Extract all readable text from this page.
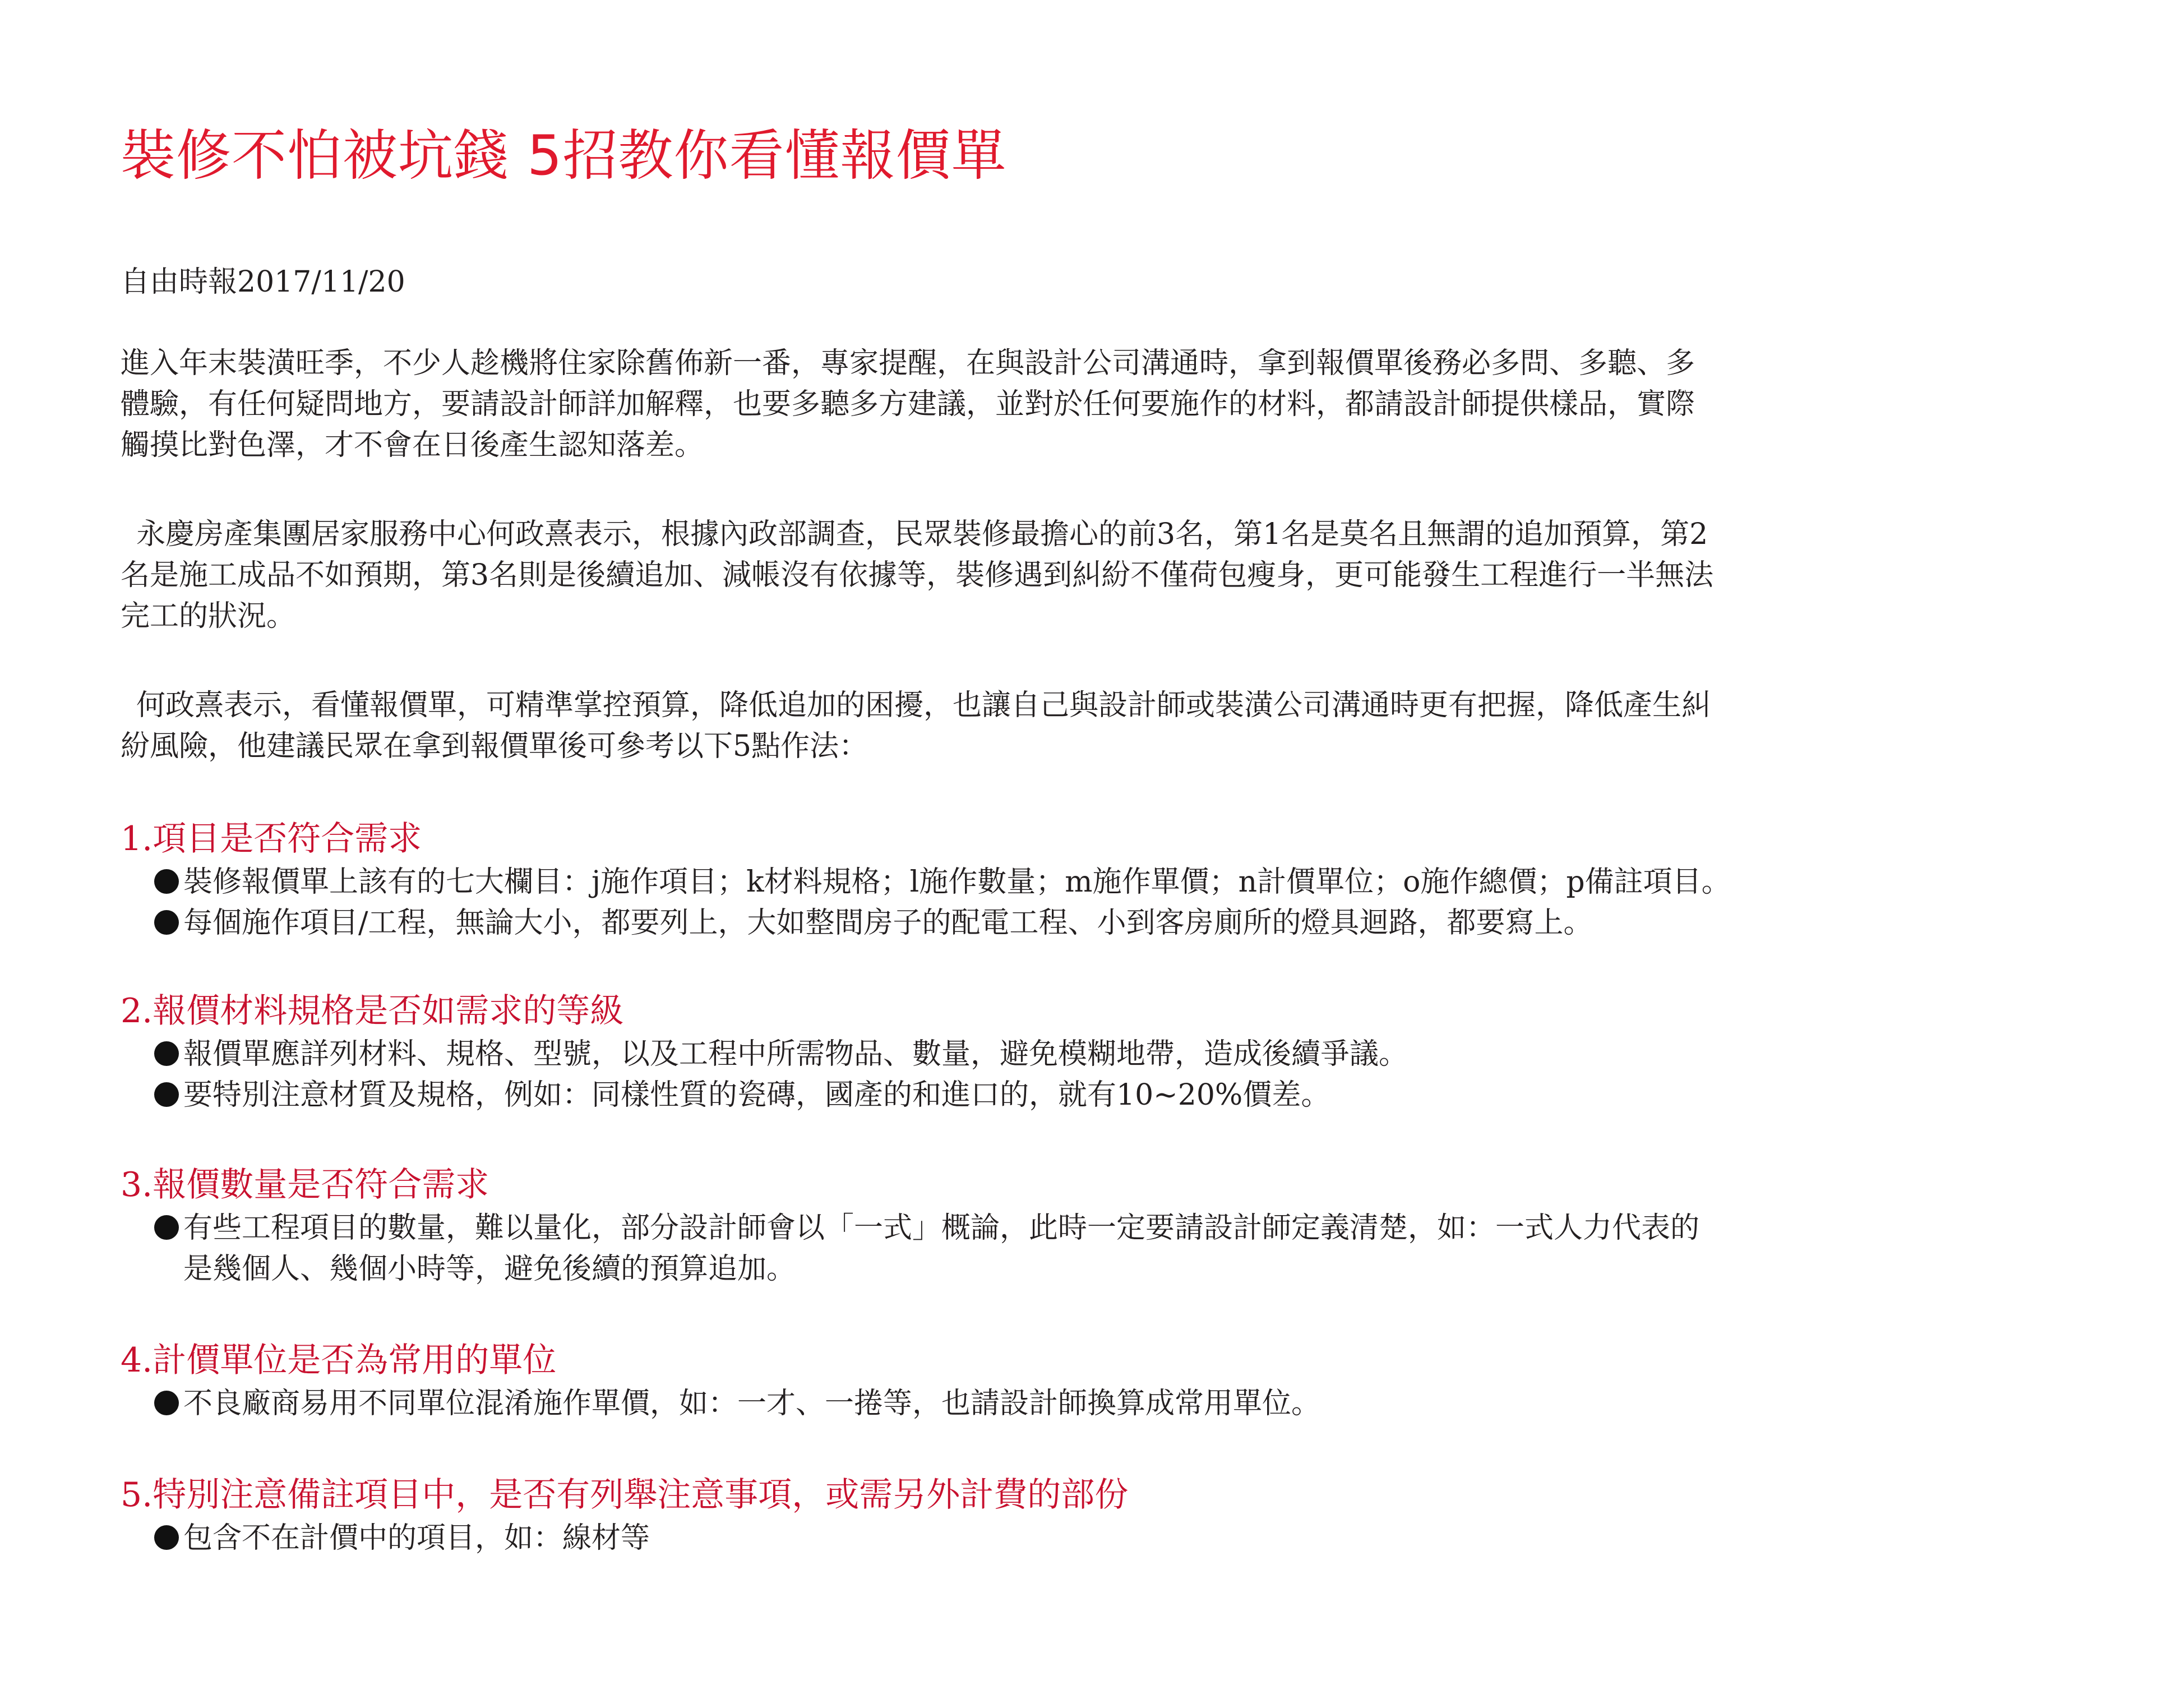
裝修不怕被坑錢 5招教你看懂報價單
自由時報2017/11/20
進入年末裝潢旺季，不少人趁機將住家除舊佈新一番，專家提醒，在與設計公司溝通時，拿到報價單後務必多問、多聽、多
體驗，有任何疑問地方，要請設計師詳加解釋，也要多聽多方建議，並對於任何要施作的材料，都請設計師提供樣品，實際
觸摸比對色澤，才不會在日後產生認知落差。
永慶房產集團居家服務中心何政熹表示，根據內政部調查，民眾裝修最擔心的前3名，第1名是莫名且無謂的追加預算，第2
名是施工成品不如預期，第3名則是後續追加、減帳沒有依據等，裝修遇到糾紛不僅荷包瘦身，更可能發生工程進行一半無法
完工的狀況。
何政熹表示，看懂報價單，可精準掌控預算，降低追加的困擾，也讓自己與設計師或裝潢公司溝通時更有把握，降低產生糾
紛風險，他建議民眾在拿到報價單後可參考以下5點作法：
1.項目是否符合需求
裝修報價單上該有的七大欄目：j施作項目；k材料規格；l施作數量；m施作單價；n計價單位；o施作總價；p備註項目。
每個施作項目/工程，無論大小，都要列上，大如整間房子的配電工程、小到客房廁所的燈具迴路，都要寫上。
2.報價材料規格是否如需求的等級
報價單應詳列材料、規格、型號，以及工程中所需物品、數量，避免模糊地帶，造成後續爭議。
要特別注意材質及規格，例如：同樣性質的瓷磚，國產的和進口的，就有10~20%價差。
3.報價數量是否符合需求
有些工程項目的數量，難以量化，部分設計師會以「一式」概論，此時一定要請設計師定義清楚，如：一式人力代表的
是幾個人、幾個小時等，避免後續的預算追加。
4.計價單位是否為常用的單位
不良廠商易用不同單位混淆施作單價，如：一才、一捲等，也請設計師換算成常用單位。
5.特別注意備註項目中，是否有列舉注意事項，或需另外計費的部份
包含不在計價中的項目，如：線材等
